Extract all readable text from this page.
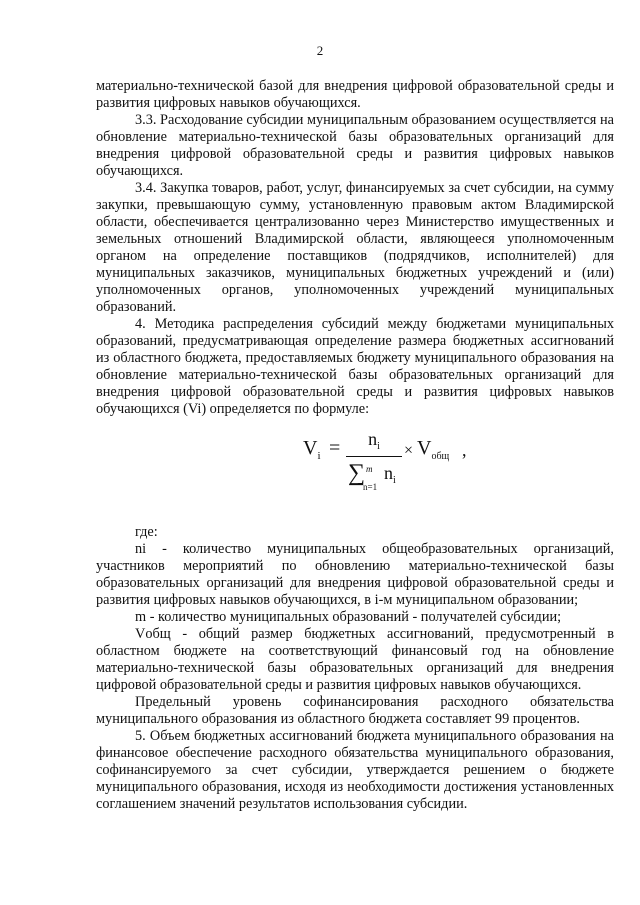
2

материально-технической базой для внедрения цифровой образовательной среды и развития цифровых навыков обучающихся.

3.3. Расходование субсидии муниципальным образованием осуществляется на обновление материально-технической базы образовательных организаций для внедрения цифровой образовательной среды и развития цифровых навыков обучающихся.

3.4. Закупка товаров, работ, услуг, финансируемых за счет субсидии, на сумму закупки, превышающую сумму, установленную правовым актом Владимирской области, обеспечивается централизованно через Министерство имущественных и земельных отношений Владимирской области, являющееся уполномоченным органом на определение поставщиков (подрядчиков, исполнителей) для муниципальных заказчиков, муниципальных бюджетных учреждений и (или) уполномоченных органов, уполномоченных учреждений муниципальных образований.

4. Методика распределения субсидий между бюджетами муниципальных образований, предусматривающая определение размера бюджетных ассигнований из областного бюджета, предоставляемых бюджету муниципального образования на обновление материально-технической базы образовательных организаций для внедрения цифровой образовательной среды и развития цифровых навыков обучающихся (Vi) определяется по формуле:

$V_i$ =	$n_i$
∑ m
n=1
$n_i$
× $V_{общ}$ ,

где:

ni - количество муниципальных общеобразовательных организаций, участников мероприятий по обновлению материально-технической базы образовательных организаций для внедрения цифровой образовательной среды и развития цифровых навыков обучающихся, в i-м муниципальном образовании;

m - количество муниципальных образований - получателей субсидии;

Vобщ - общий размер бюджетных ассигнований, предусмотренный в областном бюджете на соответствующий финансовый год на обновление материально-технической базы образовательных организаций для внедрения цифровой образовательной среды и развития цифровых навыков обучающихся.

Предельный уровень софинансирования расходного обязательства муниципального образования из областного бюджета составляет 99 процентов.

5. Объем бюджетных ассигнований бюджета муниципального образования на финансовое обеспечение расходного обязательства муниципального образования, софинансируемого за счет субсидии, утверждается решением о бюджете муниципального образования, исходя из необходимости достижения установленных соглашением значений результатов использования субсидии.
